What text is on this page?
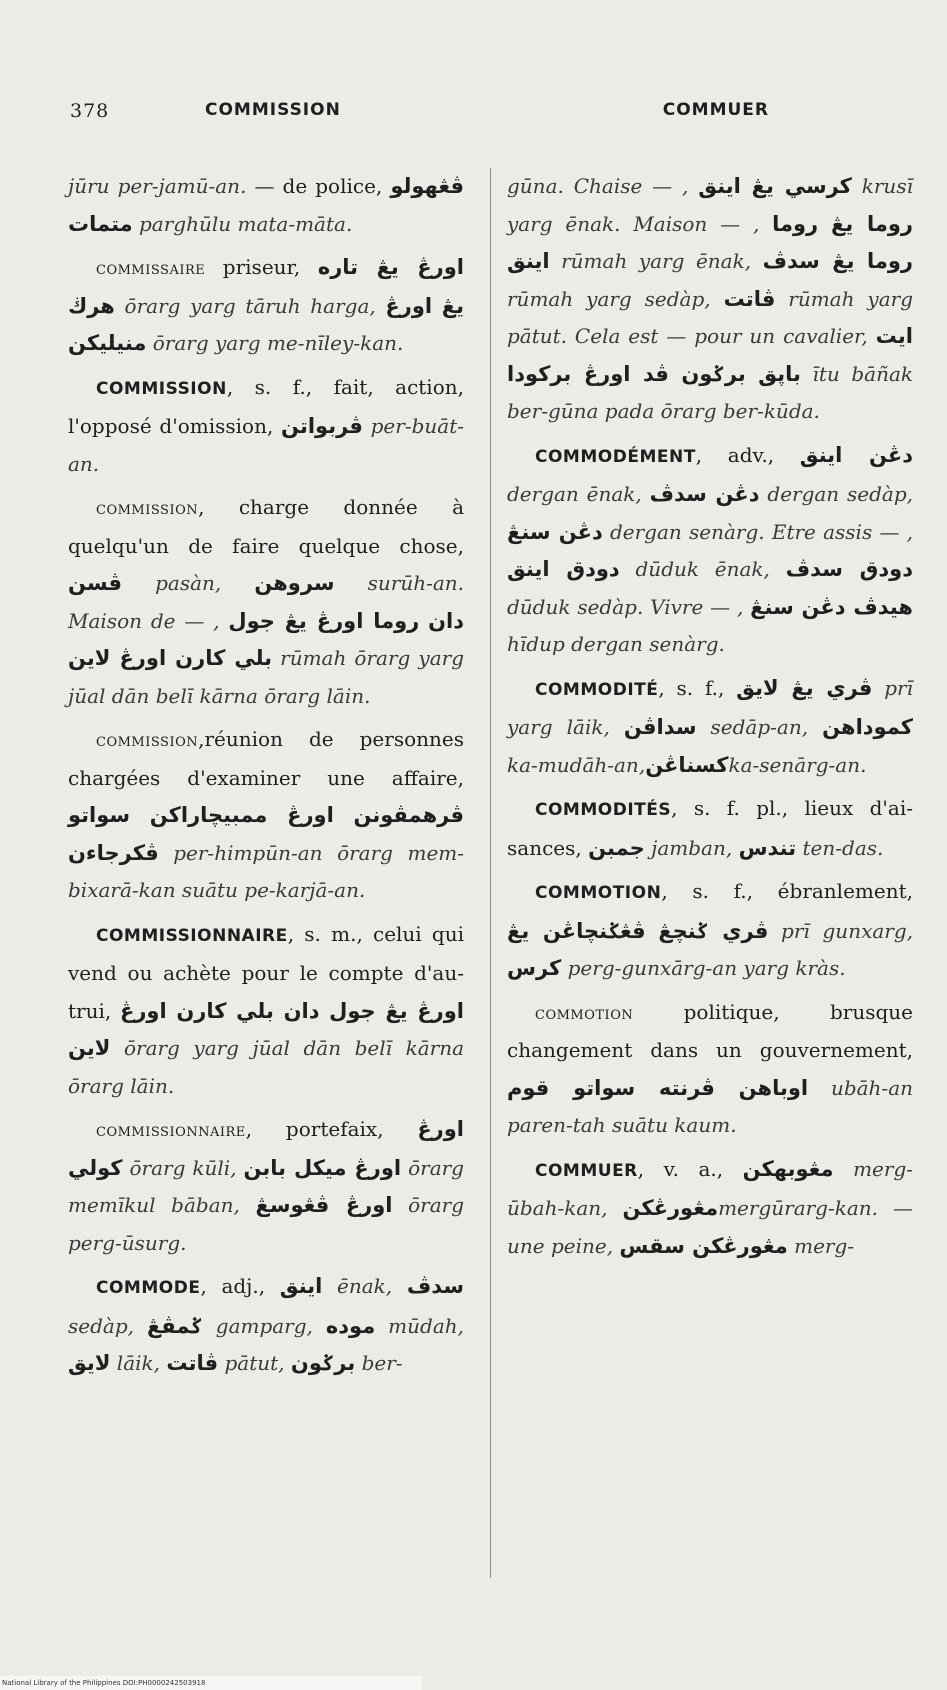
378	COMMISSION	COMMUER

jūru per-jamū-an. — de police, ڤڠهولو متمات parghūlu mata-māta.

commissaire priseur, اورڠ يڠ تاره هرڬ ōrarg yarg tāruh harga, اورڠ يڠ منيليكن ōrarg yarg me-nīley-kan.

COMMISSION, s. f., fait, action, l'opposé d'omission, ڤربواتن per-buāt-an.

commission, charge donnée à quelqu'un de faire quelque chose, ڤسن pasàn, سروهن surūh-an. Maison de — , روما اورڠ يڠ جول دان بلي كارن اورڠ لاين rūmah ōrarg yarg jūal dān belī kārna ōrarg lāin.

commission,réunion de personnes chargées d'examiner une affaire, ڤرهمڤونن اورڠ ممبيچاراكن سواتو ڤكرجاءن per-himpūn-an ōrarg mem-bixarā-kan suātu pe-karjā-an.

COMMISSIONNAIRE, s. m., celui qui vend ou achète pour le compte d'au-trui, اورڠ يڠ جول دان بلي كارن اورڠ لاين ōrarg yarg jūal dān belī kārna ōrarg lāin.

commissionnaire, portefaix, اورڠ كولي ōrarg kūli, اورڠ ميكل بابن ōrarg memīkul bāban, اورڠ ڤڠوسڠ ōrarg perg-ūsurg.

COMMODE, adj., اينق ēnak, سدڤ sedàp, ݢمڤڠ gamparg, موده mūdah, لايق lāik, ڤاتت pātut, برݢون ber-

gūna. Chaise — , كرسي يڠ اينق krusī yarg ēnak. Maison — , روما روما يڠ اينق rūmah yarg ēnak, روما يڠ سدڤ rūmah yarg sedàp, ڤاتت rūmah yarg pātut. Cela est — pour un cavalier, ايت باڽق برݢون ڤد اورڠ بركودا ītu bāñak ber-gūna pada ōrarg ber-kūda.

COMMODÉMENT, adv., دڠن اينق dergan ēnak, دڠن سدڤ dergan sedàp, دڠن سنڠ dergan senàrg. Etre assis — , دودق اينق dūduk ēnak, دودق سدڤ dūduk sedàp. Vivre — , هيدڤ دڠن سنڠ hīdup dergan senàrg.

COMMODITÉ, s. f., ڤري يڠ لايق prī yarg lāik, سداڤن sedāp-an, كموداهن ka-mudāh-an,كسناڠنka-senārg-an.

COMMODITÉS, s. f. pl., lieux d'ai-sances, جمبن jamban, تندس ten-das.

COMMOTION, s. f., ébranlement, ڤڠݢنچاڠن يڠ ڤري ݢنچڠ prī gunxarg, كرس perg-gunxārg-an yarg kràs.

commotion politique, brusque changement dans un gouvernement, اوباهن ڤرنته سواتو قوم ubāh-an paren-tah suātu kaum.

COMMUER, v. a., مڠوبهكن merg-ūbah-kan, مڠورڠكنmergūrarg-kan. — une peine, مڠورڠكن سقس merg-

National Library of the Philippines DOI:PH0000242503918
